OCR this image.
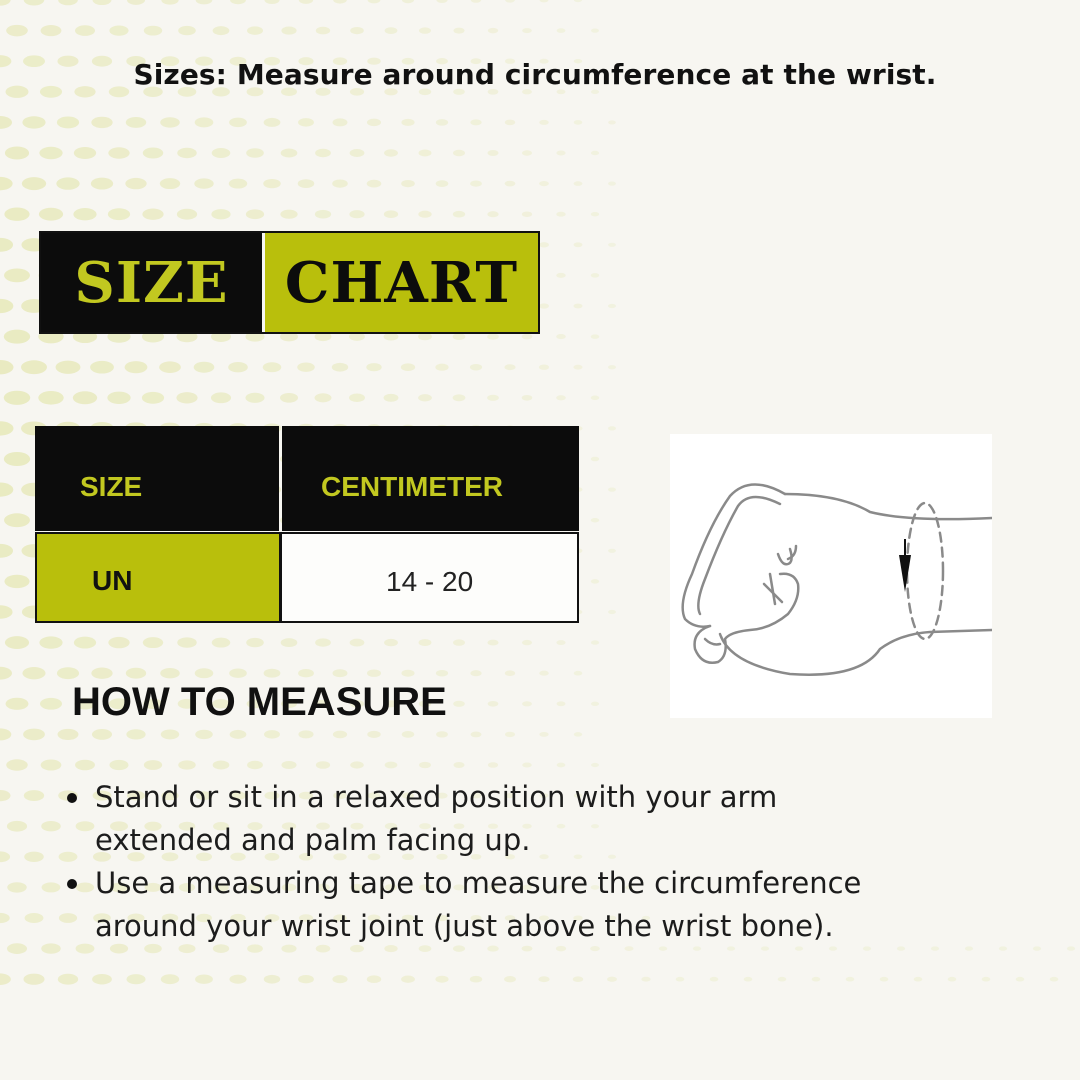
Sizes: Measure around circumference at the wrist.
SIZE	CHART
SIZE	CENTIMETER
UN	14 - 20
HOW TO MEASURE
Stand or sit in a relaxed position with your arm extended and palm facing up.
Use a measuring tape to measure the circumference around your wrist joint (just above the wrist bone).
